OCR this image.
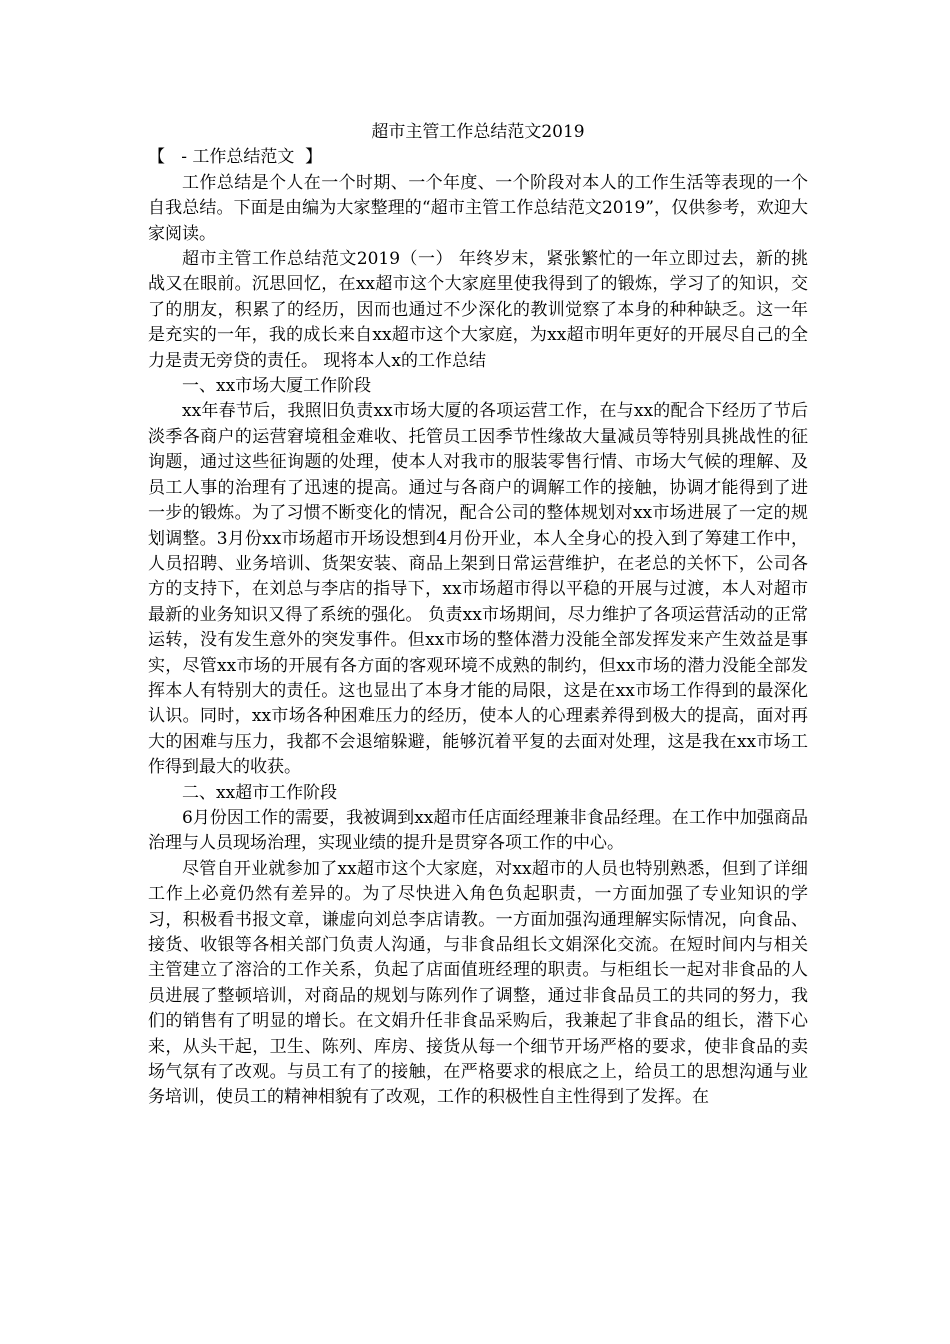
超市主管工作总结范文2019

【   - 工作总结范文  】

工作总结是个人在一个时期、一个年度、一个阶段对本人的工作生活等表现的一个自我总结。下面是由编为大家整理的“超市主管工作总结范文2019”，仅供参考，欢迎大家阅读。

超市主管工作总结范文2019（一） 年终岁末，紧张繁忙的一年立即过去，新的挑战又在眼前。沉思回忆，在xx超市这个大家庭里使我得到了的锻炼，学习了的知识，交了的朋友，积累了的经历，因而也通过不少深化的教训觉察了本身的种种缺乏。这一年是充实的一年，我的成长来自xx超市这个大家庭，为xx超市明年更好的开展尽自己的全力是责无旁贷的责任。 现将本人x的工作总结

一、xx市场大厦工作阶段

xx年春节后，我照旧负责xx市场大厦的各项运营工作，在与xx的配合下经历了节后淡季各商户的运营窘境租金难收、托管员工因季节性缘故大量减员等特别具挑战性的征询题，通过这些征询题的处理，使本人对我市的服装零售行情、市场大气候的理解、及员工人事的治理有了迅速的提高。通过与各商户的调解工作的接触，协调才能得到了进一步的锻炼。为了习惯不断变化的情况，配合公司的整体规划对xx市场进展了一定的规划调整。3月份xx市场超市开场设想到4月份开业，本人全身心的投入到了筹建工作中，人员招聘、业务培训、货架安装、商品上架到日常运营维护，在老总的关怀下，公司各方的支持下，在刘总与李店的指导下，xx市场超市得以平稳的开展与过渡，本人对超市最新的业务知识又得了系统的强化。 负责xx市场期间，尽力维护了各项运营活动的正常运转，没有发生意外的突发事件。但xx市场的整体潜力没能全部发挥发来产生效益是事实，尽管xx市场的开展有各方面的客观环境不成熟的制约，但xx市场的潜力没能全部发挥本人有特别大的责任。这也显出了本身才能的局限，这是在xx市场工作得到的最深化认识。同时，xx市场各种困难压力的经历，使本人的心理素养得到极大的提高，面对再大的困难与压力，我都不会退缩躲避，能够沉着平复的去面对处理，这是我在xx市场工作得到最大的收获。

二、xx超市工作阶段

6月份因工作的需要，我被调到xx超市任店面经理兼非食品经理。在工作中加强商品治理与人员现场治理，实现业绩的提升是贯穿各项工作的中心。

尽管自开业就参加了xx超市这个大家庭，对xx超市的人员也特别熟悉，但到了详细工作上必竟仍然有差异的。为了尽快进入角色负起职责，一方面加强了专业知识的学习，积极看书报文章，谦虚向刘总李店请教。一方面加强沟通理解实际情况，向食品、接货、收银等各相关部门负责人沟通，与非食品组长文娟深化交流。在短时间内与相关主管建立了溶洽的工作关系，负起了店面值班经理的职责。与柜组长一起对非食品的人员进展了整顿培训，对商品的规划与陈列作了调整，通过非食品员工的共同的努力，我们的销售有了明显的增长。在文娟升任非食品采购后，我兼起了非食品的组长，潜下心来，从头干起，卫生、陈列、库房、接货从每一个细节开场严格的要求，使非食品的卖场气氛有了改观。与员工有了的接触，在严格要求的根底之上，给员工的思想沟通与业务培训，使员工的精神相貌有了改观，工作的积极性自主性得到了发挥。在
